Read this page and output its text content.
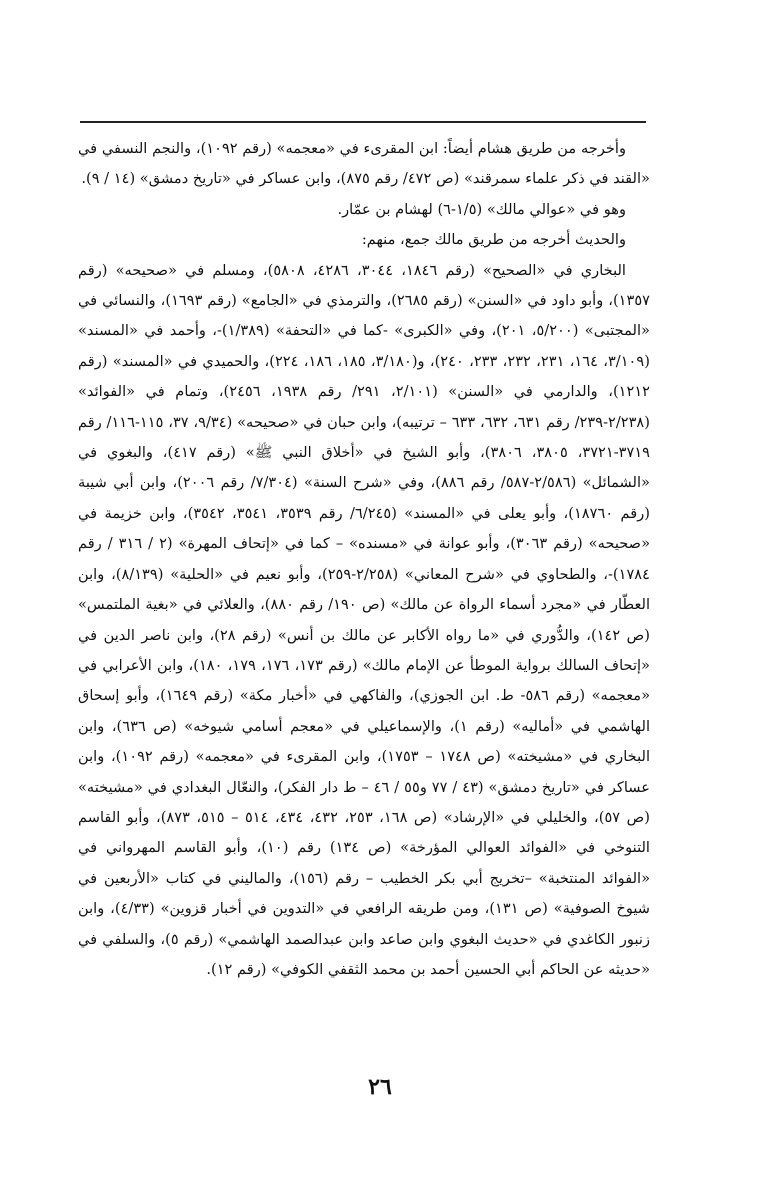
وأخرجه من طريق هشام أيضاً: ابن المقرىء في «معجمه» (رقم ١٠٩٢)، والنجم النسفي في «القند في ذكر علماء سمرقند» (ص ٤٧٢/ رقم ٨٧٥)، وابن عساكر في «تاريخ دمشق» (١٤ / ٩).

وهو في «عوالي مالك» (١/٥-٦) لهشام بن عمّار.

والحديث أخرجه من طريق مالك جمع، منهم:

البخاري في «الصحيح» (رقم ١٨٤٦، ٣٠٤٤، ٤٢٨٦، ٥٨٠٨)، ومسلم في «صحيحه» (رقم ١٣٥٧)، وأبو داود في «السنن» (رقم ٢٦٨٥)، والترمذي في «الجامع» (رقم ١٦٩٣)، والنسائي في «المجتبى» (٥/٢٠٠، ٢٠١)، وفي «الكبرى» -كما في «التحفة» (١/٣٨٩)-، وأحمد في «المسند» (٣/١٠٩، ١٦٤، ٢٣١، ٢٣٢، ٢٣٣، ٢٤٠)، و(٣/١٨٠، ١٨٥، ١٨٦، ٢٢٤)، والحميدي في «المسند» (رقم ١٢١٢)، والدارمي في «السنن» (٢/١٠١، ٢٩١/ رقم ١٩٣٨، ٢٤٥٦)، وتمام في «الفوائد» (٢/٢٣٨-٢٣٩/ رقم ٦٣١، ٦٣٢، ٦٣٣ – ترتيبه)، وابن حبان في «صحيحه» (٩/٣٤، ٣٧، ١١٥-١١٦/ رقم ٣٧١٩-٣٧٢١، ٣٨٠٥، ٣٨٠٦)، وأبو الشيخ في «أخلاق النبي ﷺ» (رقم ٤١٧)، والبغوي في «الشمائل» (٢/٥٨٦-٥٨٧/ رقم ٨٨٦)، وفي «شرح السنة» (٧/٣٠٤/ رقم ٢٠٠٦)، وابن أبي شيبة (رقم ١٨٧٦٠)، وأبو يعلى في «المسند» (٦/٢٤٥/ رقم ٣٥٣٩، ٣٥٤١، ٣٥٤٢)، وابن خزيمة في «صحيحه» (رقم ٣٠٦٣)، وأبو عوانة في «مسنده» – كما في «إتحاف المهرة» (٢ / ٣١٦ / رقم ١٧٨٤)-، والطحاوي في «شرح المعاني» (٢/٢٥٨-٢٥٩)، وأبو نعيم في «الحلية» (٨/١٣٩)، وابن العطّار في «مجرد أسماء الرواة عن مالك» (ص ١٩٠/ رقم ٨٨٠)، والعلائي في «بغية الملتمس» (ص ١٤٢)، والدُّوري في «ما رواه الأكابر عن مالك بن أنس» (رقم ٢٨)، وابن ناصر الدين في «إتحاف السالك برواية الموطأ عن الإمام مالك» (رقم ١٧٣، ١٧٦، ١٧٩، ١٨٠)، وابن الأعرابي في «معجمه» (رقم ٥٨٦- ط. ابن الجوزي)، والفاكهي في «أخبار مكة» (رقم ١٦٤٩)، وأبو إسحاق الهاشمي في «أماليه» (رقم ١)، والإسماعيلي في «معجم أسامي شيوخه» (ص ٦٣٦)، وابن البخاري في «مشيخته» (ص ١٧٤٨ – ١٧٥٣)، وابن المقرىء في «معجمه» (رقم ١٠٩٢)، وابن عساكر في «تاريخ دمشق» (٤٣ / ٧٧ و٥٥ / ٤٦ – ط دار الفكر)، والنعّال البغدادي في «مشيخته» (ص ٥٧)، والخليلي في «الإرشاد» (ص ١٦٨، ٢٥٣، ٤٣٢، ٤٣٤، ٥١٤ – ٥١٥، ٨٧٣)، وأبو القاسم التنوخي في «الفوائد العوالي المؤرخة» (ص ١٣٤) رقم (١٠)، وأبو القاسم المهرواني في «الفوائد المنتخبة» –تخريج أبي بكر الخطيب – رقم (١٥٦)، والماليني في كتاب «الأربعين في شيوخ الصوفية» (ص ١٣١)، ومن طريقه الرافعي في «التدوين في أخبار قزوين» (٤/٣٣)، وابن زنبور الكاغدي في «حديث البغوي وابن صاعد وابن عبدالصمد الهاشمي» (رقم ٥)، والسلفي في «حديثه عن الحاكم أبي الحسين أحمد بن محمد الثقفي الكوفي» (رقم ١٢).

٢٦
